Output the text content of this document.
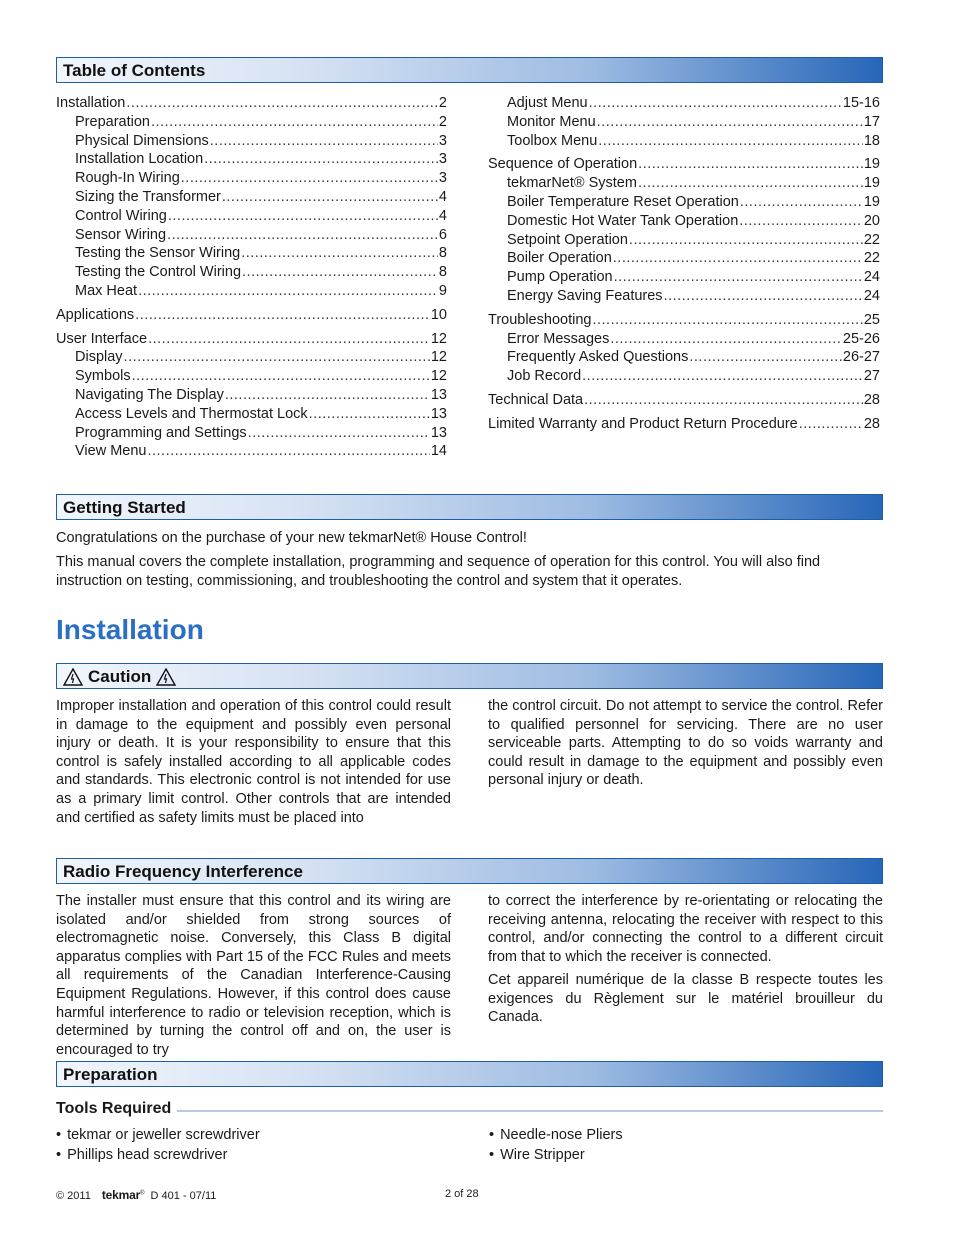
Table of Contents
Installation .....	2
Preparation .....	2
Physical Dimensions .....	3
Installation Location .....	3
Rough-In Wiring .....	3
Sizing the Transformer .....	4
Control Wiring .....	4
Sensor Wiring .....	6
Testing the Sensor Wiring .....	8
Testing the Control Wiring .....	8
Max Heat .....	9
Applications .....	10
User Interface .....	12
Display .....	12
Symbols .....	12
Navigating The Display .....	13
Access Levels and Thermostat Lock .....	13
Programming and Settings .....	13
View Menu .....	14
Adjust Menu .....	15-16
Monitor Menu .....	17
Toolbox Menu .....	18
Sequence of Operation .....	19
tekmarNet® System .....	19
Boiler Temperature Reset Operation .....	19
Domestic Hot Water Tank Operation .....	20
Setpoint Operation .....	22
Boiler Operation .....	22
Pump Operation .....	24
Energy Saving Features .....	24
Troubleshooting .....	25
Error Messages .....	25-26
Frequently Asked Questions .....	26-27
Job Record .....	27
Technical Data .....	28
Limited Warranty and Product Return Procedure .....	28
Getting Started
Congratulations on the purchase of your new tekmarNet® House Control!
This manual covers the complete installation, programming and sequence of operation for this control. You will also find instruction on testing, commissioning, and troubleshooting the control and system that it operates.
Installation
Caution
Improper installation and operation of this control could result in damage to the equipment and possibly even personal injury or death. It is your responsibility to ensure that this control is safely installed according to all applicable codes and standards. This electronic control is not intended for use as a primary limit control. Other controls that are intended and certified as safety limits must be placed into
the control circuit. Do not attempt to service the control. Refer to qualified personnel for servicing. There are no user serviceable parts. Attempting to do so voids warranty and could result in damage to the equipment and possibly even personal injury or death.
Radio Frequency Interference
The installer must ensure that this control and its wiring are isolated and/or shielded from strong sources of electromagnetic noise. Conversely, this Class B digital apparatus complies with Part 15 of the FCC Rules and meets all requirements of the Canadian Interference-Causing Equipment Regulations. However, if this control does cause harmful interference to radio or television reception, which is determined by turning the control off and on, the user is encouraged to try
to correct the interference by re-orientating or relocating the receiving antenna, relocating the receiver with respect to this control, and/or connecting the control to a different circuit from that to which the receiver is connected.
Cet appareil numérique de la classe B respecte toutes les exigences du Règlement sur le matériel brouilleur du Canada.
Preparation
Tools Required
• tekmar or jeweller screwdriver
• Phillips head screwdriver
• Needle-nose Pliers
• Wire Stripper
© 2011 tekmar® D 401 - 07/11	2 of 28
